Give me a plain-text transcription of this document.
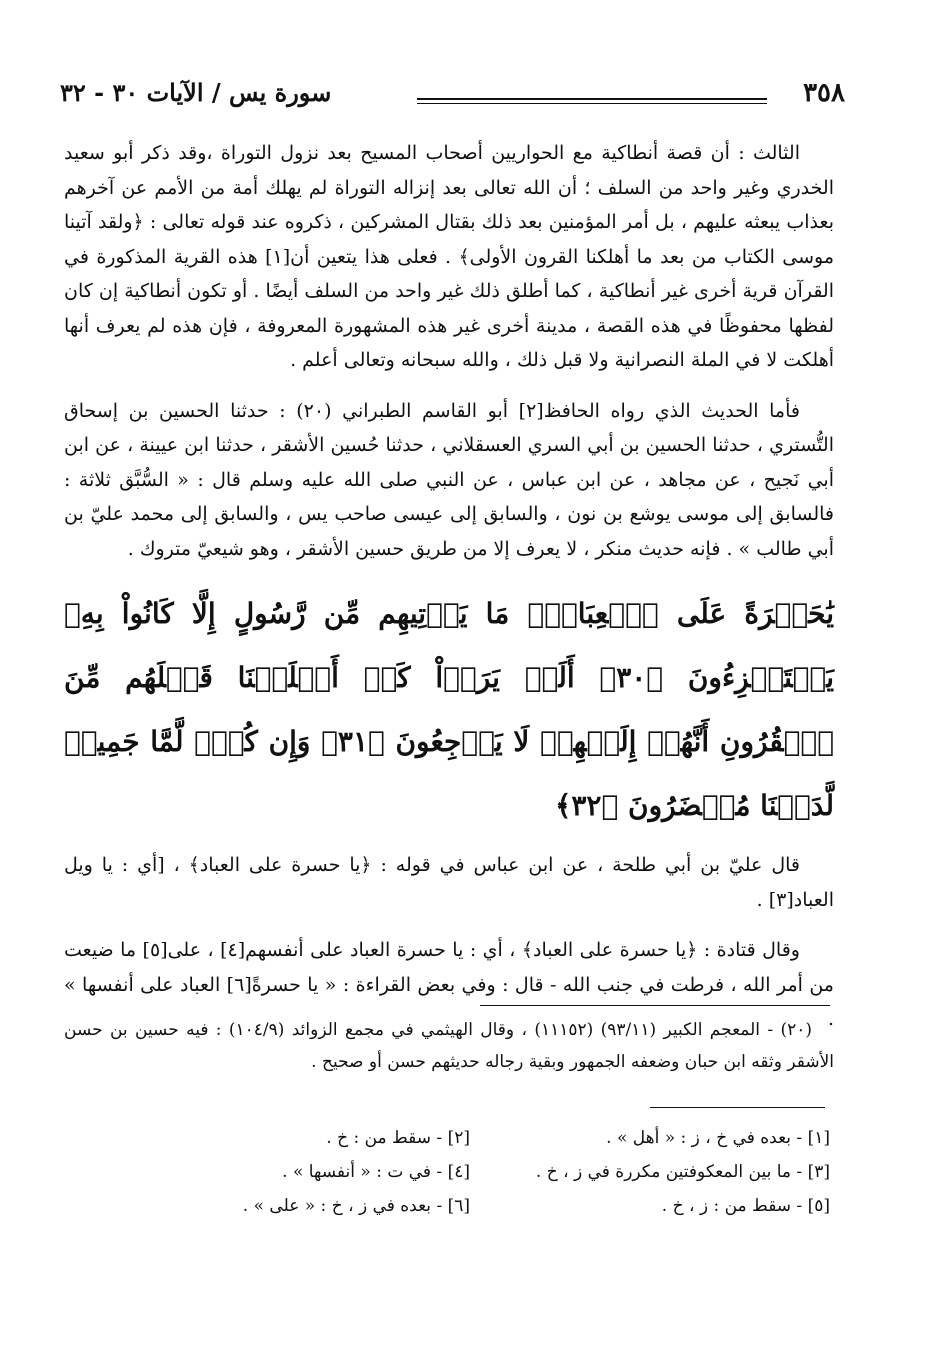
٣٥٨
سورة يس / الآيات ٣٠ - ٣٢

الثالث : أن قصة أنطاكية مع الحواريين أصحاب المسيح بعد نزول التوراة ،وقد ذكر أبو سعيد الخدري وغير واحد من السلف ؛ أن الله تعالى بعد إنزاله التوراة لم يهلك أمة من الأمم عن آخرهم بعذاب يبعثه عليهم ، بل أمر المؤمنين بعد ذلك بقتال المشركين ، ذكروه عند قوله تعالى : ﴿ولقد آتينا موسى الكتاب من بعد ما أهلكنا القرون الأولى﴾ . فعلى هذا يتعين أن[١] هذه القرية المذكورة في القرآن قرية أخرى غير أنطاكية ، كما أطلق ذلك غير واحد من السلف أيضًا . أو تكون أنطاكية إن كان لفظها محفوظًا في هذه القصة ، مدينة أخرى غير هذه المشهورة المعروفة ، فإن هذه لم يعرف أنها أهلكت لا في الملة النصرانية ولا قبل ذلك ، والله سبحانه وتعالى أعلم .

فأما الحديث الذي رواه الحافظ[٢] أبو القاسم الطبراني (٢٠) : حدثنا الحسين بن إسحاق التُّستري ، حدثنا الحسين بن أبي السري العسقلاني ، حدثنا حُسين الأشقر ، حدثنا ابن عيينة ، عن ابن أبي نَجيح ، عن مجاهد ، عن ابن عباس ، عن النبي صلى الله عليه وسلم قال : « السُّبَّق ثلاثة : فالسابق إلى موسى يوشع بن نون ، والسابق إلى عيسى صاحب يس ، والسابق إلى محمد عليّ بن أبي طالب » . فإنه حديث منكر ، لا يعرف إلا من طريق حسين الأشقر ، وهو شيعيّ متروك .

يَٰحَسۡرَةً عَلَى ٱلۡعِبَادِۚ مَا يَأۡتِيهِم مِّن رَّسُولٍ إِلَّا كَانُواْ بِهِۦ يَسۡتَهۡزِءُونَ ﴿٣٠﴾ أَلَمۡ يَرَوۡاْ كَمۡ أَهۡلَكۡنَا قَبۡلَهُم مِّنَ ٱلۡقُرُونِ أَنَّهُمۡ إِلَيۡهِمۡ لَا يَرۡجِعُونَ ﴿٣١﴾ وَإِن كُلّٞ لَّمَّا جَمِيعٞ لَّدَيۡنَا مُحۡضَرُونَ ﴿٣٢﴾

قال عليّ بن أبي طلحة ، عن ابن عباس في قوله : ﴿يا حسرة على العباد﴾ ، [أي : يا ويل العباد[٣] .

وقال قتادة : ﴿يا حسرة على العباد﴾ ، أي : يا حسرة العباد على أنفسهم[٤] ، على[٥] ما ضيعت من أمر الله ، فرطت في جنب الله - قال : وفي بعض القراءة : « يا حسرةً[٦] العباد على أنفسها » .

(٢٠) - المعجم الكبير (٩٣/١١) (١١١٥٢) ، وقال الهيثمي في مجمع الزوائد (١٠٤/٩) : فيه حسين بن حسن الأشقر وثقه ابن حبان وضعفه الجمهور وبقية رجاله حديثهم حسن أو صحيح .
[١] - بعده في خ ، ز : « أهل » .
[٢] - سقط من : خ .
[٣] - ما بين المعكوفتين مكررة في ز ، خ .
[٤] - في ت : « أنفسها » .
[٥] - سقط من : ز ، خ .
[٦] - بعده في ز ، خ : « على » .
